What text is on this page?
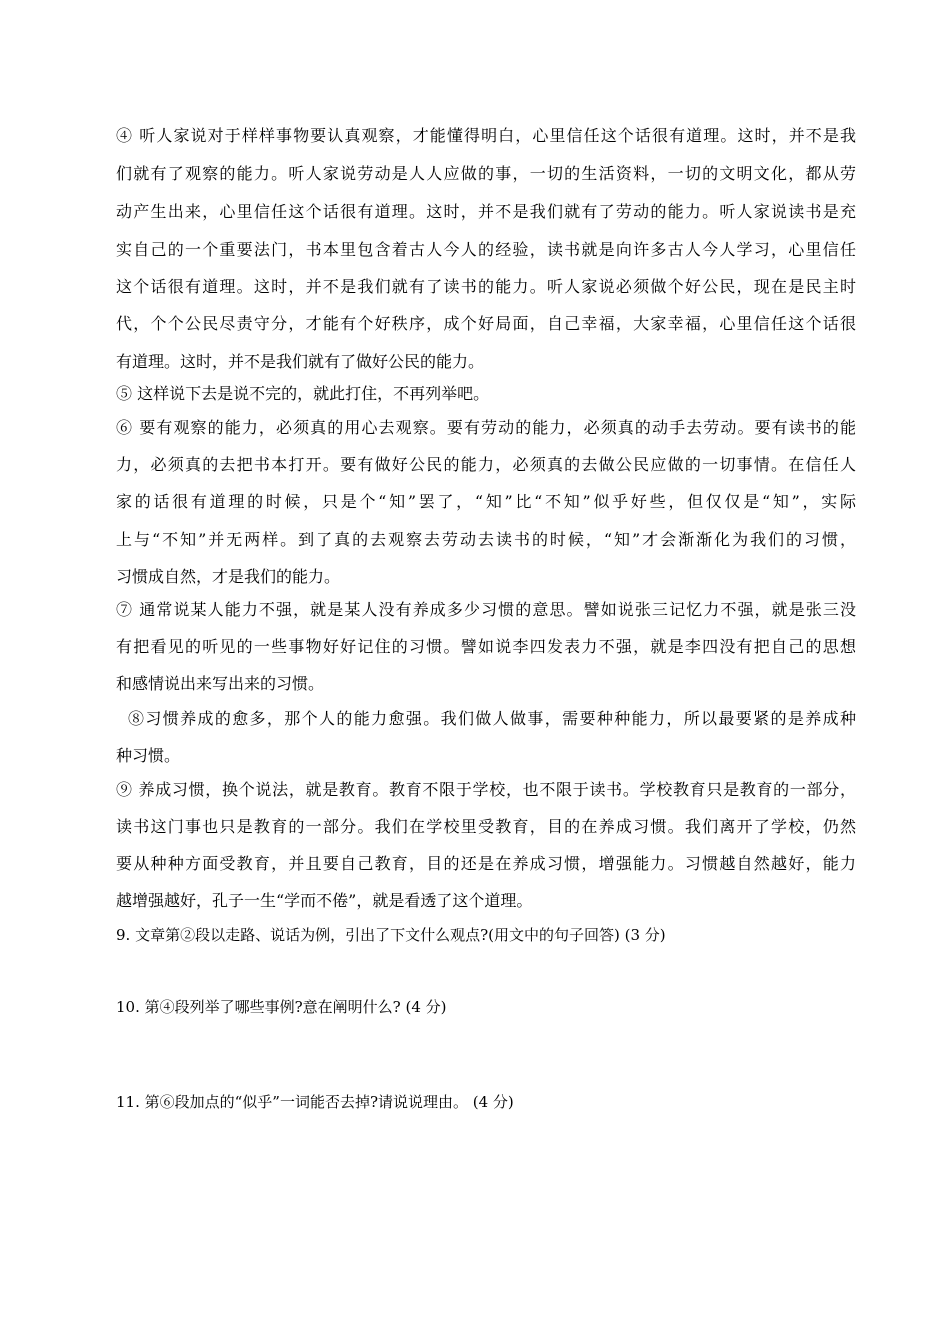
④ 听人家说对于样样事物要认真观察，才能懂得明白，心里信任这个话很有道理。这时，并不是我
们就有了观察的能力。听人家说劳动是人人应做的事，一切的生活资料，一切的文明文化，都从劳
动产生出来，心里信任这个话很有道理。这时，并不是我们就有了劳动的能力。听人家说读书是充
实自己的一个重要法门，书本里包含着古人今人的经验，读书就是向许多古人今人学习，心里信任
这个话很有道理。这时，并不是我们就有了读书的能力。听人家说必须做个好公民，现在是民主时
代，个个公民尽责守分，才能有个好秩序，成个好局面，自己幸福，大家幸福，心里信任这个话很
有道理。这时，并不是我们就有了做好公民的能力。
⑤ 这样说下去是说不完的，就此打住，不再列举吧。
⑥ 要有观察的能力，必须真的用心去观察。要有劳动的能力，必须真的动手去劳动。要有读书的能
力，必须真的去把书本打开。要有做好公民的能力，必须真的去做公民应做的一切事情。在信任人
家的话很有道理的时候，只是个“知”罢了，“知”比“不知”似乎好些，但仅仅是“知”，实际
上与“不知”并无两样。到了真的去观察去劳动去读书的时候，“知”才会渐渐化为我们的习惯，
习惯成自然，才是我们的能力。
⑦ 通常说某人能力不强，就是某人没有养成多少习惯的意思。譬如说张三记忆力不强，就是张三没
有把看见的听见的一些事物好好记住的习惯。譬如说李四发表力不强，就是李四没有把自己的思想
和感情说出来写出来的习惯。
⑧习惯养成的愈多，那个人的能力愈强。我们做人做事，需要种种能力，所以最要紧的是养成种
种习惯。
⑨ 养成习惯，换个说法，就是教育。教育不限于学校，也不限于读书。学校教育只是教育的一部分，
读书这门事也只是教育的一部分。我们在学校里受教育，目的在养成习惯。我们离开了学校，仍然
要从种种方面受教育，并且要自己教育，目的还是在养成习惯，增强能力。习惯越自然越好，能力
越增强越好，孔子一生“学而不倦”，就是看透了这个道理。
9. 文章第②段以走路、说话为例，引出了下文什么观点?(用文中的句子回答) (3 分)
10. 第④段列举了哪些事例?意在阐明什么? (4 分)
11. 第⑥段加点的“似乎”一词能否去掉?请说说理由。 (4 分)
